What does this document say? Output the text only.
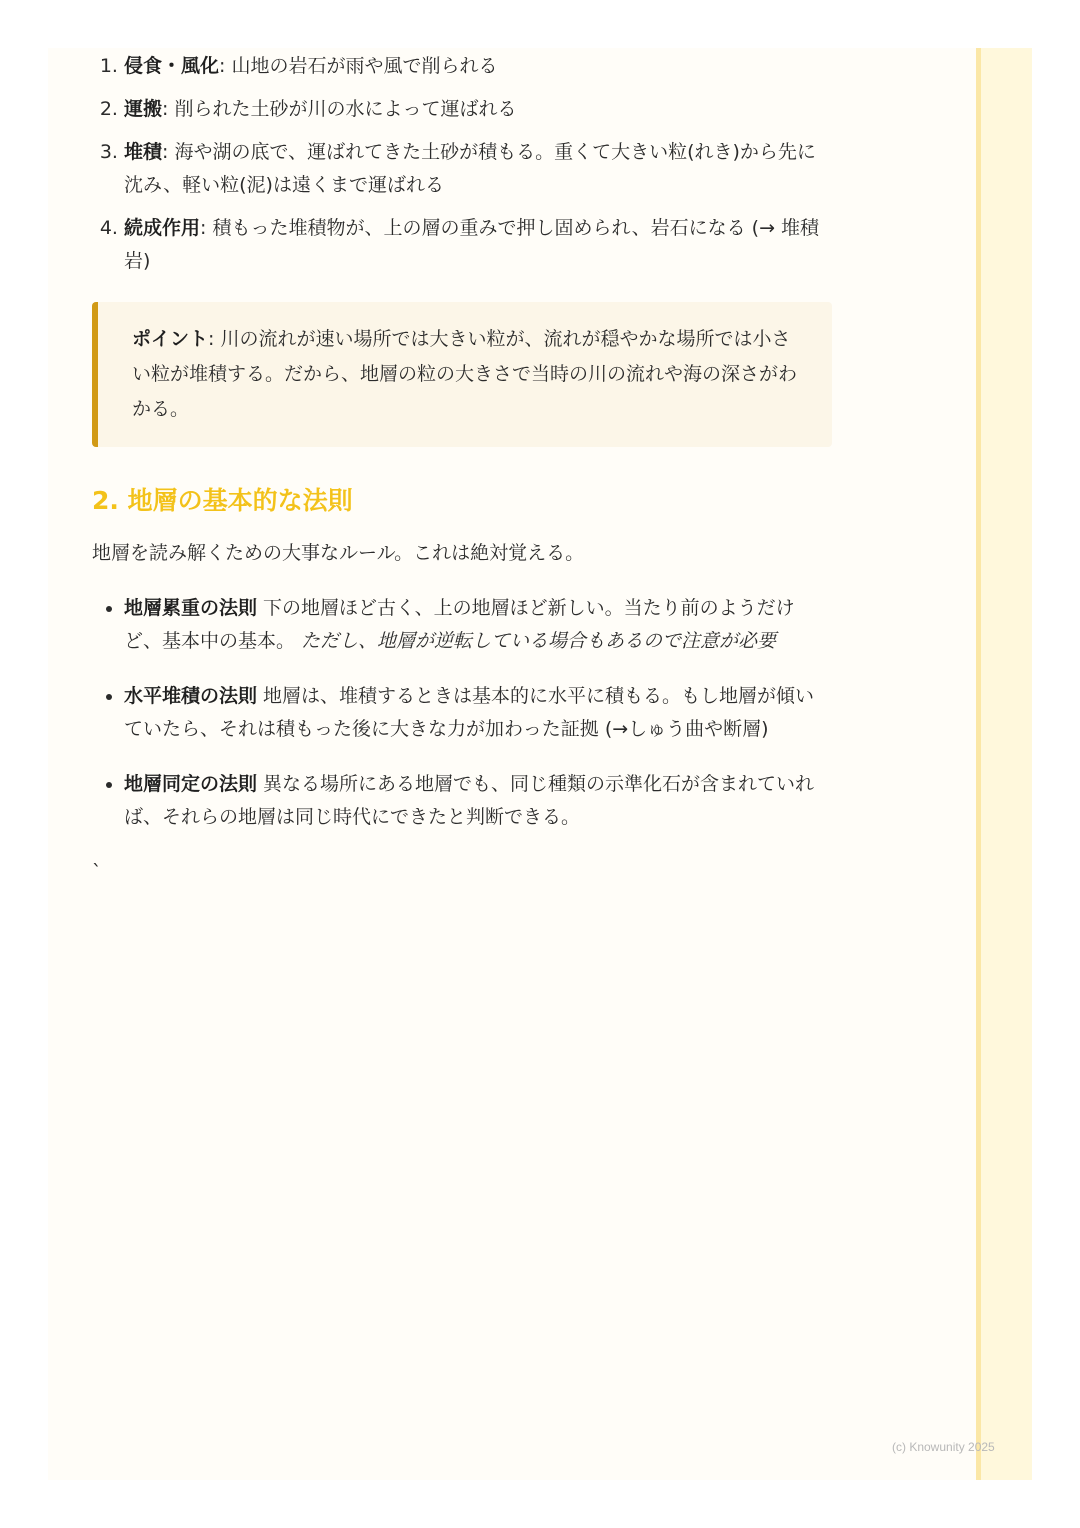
1. 侵食・風化: 山地の岩石が雨や風で削られる
2. 運搬: 削られた土砂が川の水によって運ばれる
3. 堆積: 海や湖の底で、運ばれてきた土砂が積もる。重くて大きい粒(れき)から先に沈み、軽い粒(泥)は遠くまで運ばれる
4. 続成作用: 積もった堆積物が、上の層の重みで押し固められ、岩石になる (→ 堆積岩)
ポイント: 川の流れが速い場所では大きい粒が、流れが穏やかな場所では小さい粒が堆積する。だから、地層の粒の大きさで当時の川の流れや海の深さがわかる。
2. 地層の基本的な法則

地層を読み解くための大事なルール。これは絶対覚える。

• 地層累重の法則 下の地層ほど古く、上の地層ほど新しい。当たり前のようだけど、基本中の基本。 ただし、地層が逆転している場合もあるので注意が必要
• 水平堆積の法則 地層は、堆積するときは基本的に水平に積もる。もし地層が傾いていたら、それは積もった後に大きな力が加わった証拠 (→しゅう曲や断層)
• 地層同定の法則 異なる場所にある地層でも、同じ種類の示準化石が含まれていれば、それらの地層は同じ時代にできたと判断できる。
`
(c) Knowunity 2025
